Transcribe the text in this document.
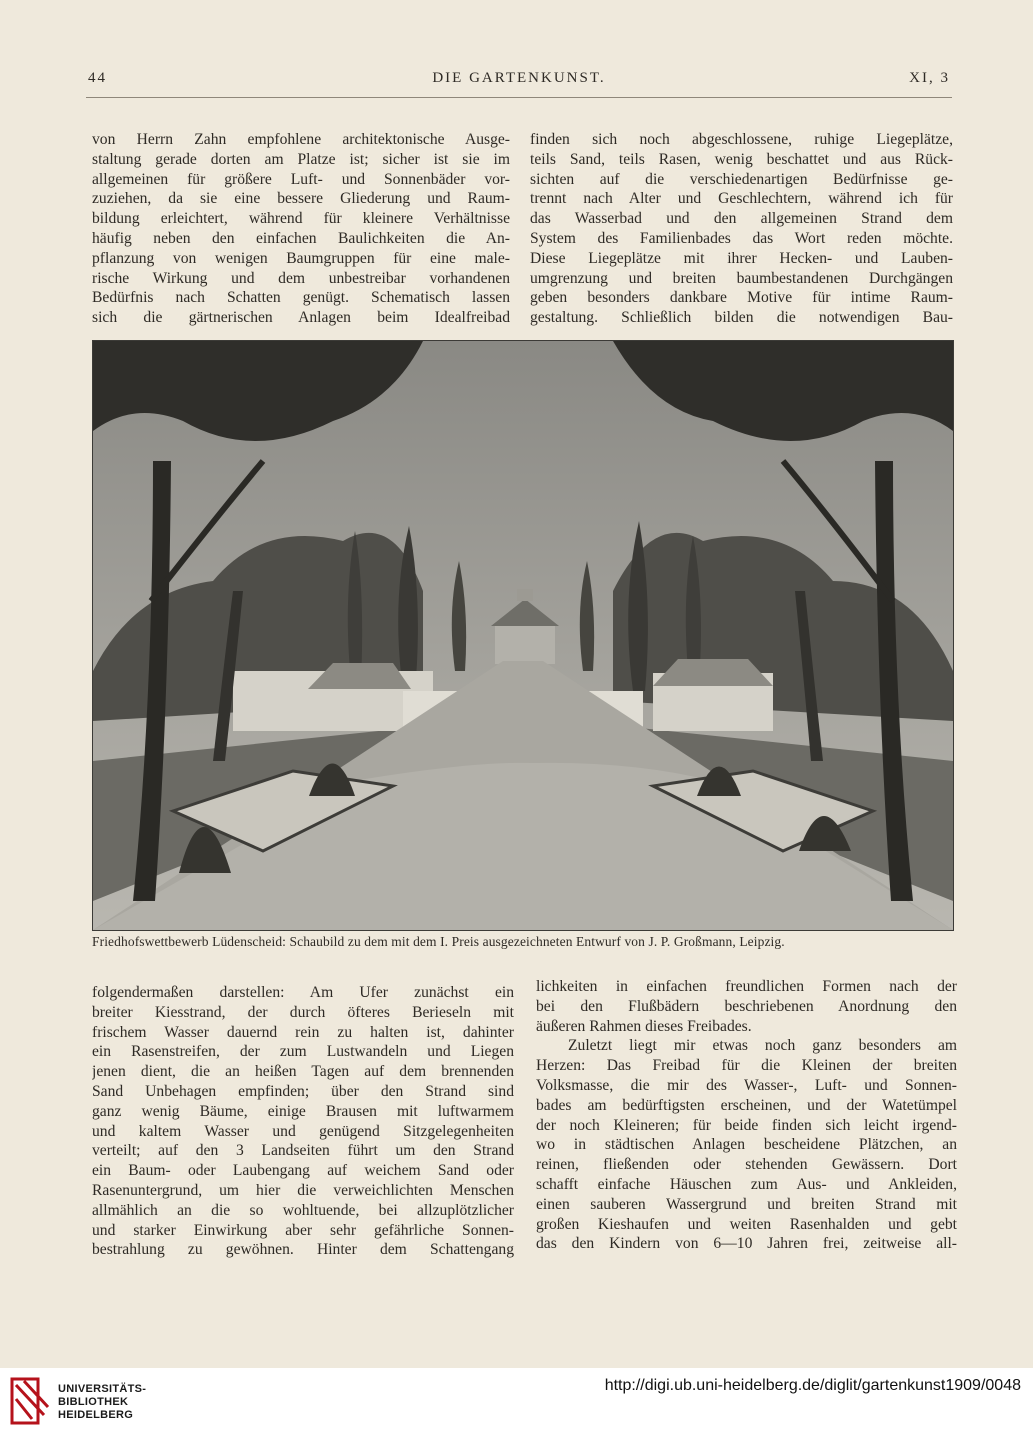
44	DIE GARTENKUNST.	XI, 3
von Herrn Zahn empfohlene architektonische Ausge-
staltung gerade dorten am Platze ist; sicher ist sie im
allgemeinen für größere Luft- und Sonnenbäder vor-
zuziehen, da sie eine bessere Gliederung und Raum-
bildung erleichtert, während für kleinere Verhältnisse
häufig neben den einfachen Baulichkeiten die An-
pflanzung von wenigen Baumgruppen für eine male-
rische Wirkung und dem unbestreibar vorhandenen
Bedürfnis nach Schatten genügt. Schematisch lassen
sich die gärtnerischen Anlagen beim Idealfreibad
finden sich noch abgeschlossene, ruhige Liegeplätze,
teils Sand, teils Rasen, wenig beschattet und aus Rück-
sichten auf die verschiedenartigen Bedürfnisse ge-
trennt nach Alter und Geschlechtern, während ich für
das Wasserbad und den allgemeinen Strand dem
System des Familienbades das Wort reden möchte.
Diese Liegeplätze mit ihrer Hecken- und Lauben-
umgrenzung und breiten baumbestandenen Durchgängen
geben besonders dankbare Motive für intime Raum-
gestaltung. Schließlich bilden die notwendigen Bau-
Friedhofswettbewerb Lüdenscheid: Schaubild zu dem mit dem I. Preis ausgezeichneten Entwurf von J. P. Großmann, Leipzig.
folgendermaßen darstellen: Am Ufer zunächst ein
breiter Kiesstrand, der durch öfteres Berieseln mit
frischem Wasser dauernd rein zu halten ist, dahinter
ein Rasenstreifen, der zum Lustwandeln und Liegen
jenen dient, die an heißen Tagen auf dem brennenden
Sand Unbehagen empfinden; über den Strand sind
ganz wenig Bäume, einige Brausen mit luftwarmem
und kaltem Wasser und genügend Sitzgelegenheiten
verteilt; auf den 3 Landseiten führt um den Strand
ein Baum- oder Laubengang auf weichem Sand oder
Rasenuntergrund, um hier die verweichlichten Menschen
allmählich an die so wohltuende, bei allzuplötzlicher
und starker Einwirkung aber sehr gefährliche Sonnen-
bestrahlung zu gewöhnen. Hinter dem Schattengang
lichkeiten in einfachen freundlichen Formen nach der
bei den Flußbädern beschriebenen Anordnung den
äußeren Rahmen dieses Freibades.
Zuletzt liegt mir etwas noch ganz besonders am
Herzen: Das Freibad für die Kleinen der breiten
Volksmasse, die mir des Wasser-, Luft- und Sonnen-
bades am bedürftigsten erscheinen, und der Watetümpel
der noch Kleineren; für beide finden sich leicht irgend-
wo in städtischen Anlagen bescheidene Plätzchen, an
reinen, fließenden oder stehenden Gewässern. Dort
schafft einfache Häuschen zum Aus- und Ankleiden,
einen sauberen Wassergrund und breiten Strand mit
großen Kieshaufen und weiten Rasenhalden und gebt
das den Kindern von 6—10 Jahren frei, zeitweise all-
UNIVERSITÄTS-
BIBLIOTHEK
HEIDELBERG
http://digi.ub.uni-heidelberg.de/diglit/gartenkunst1909/0048
